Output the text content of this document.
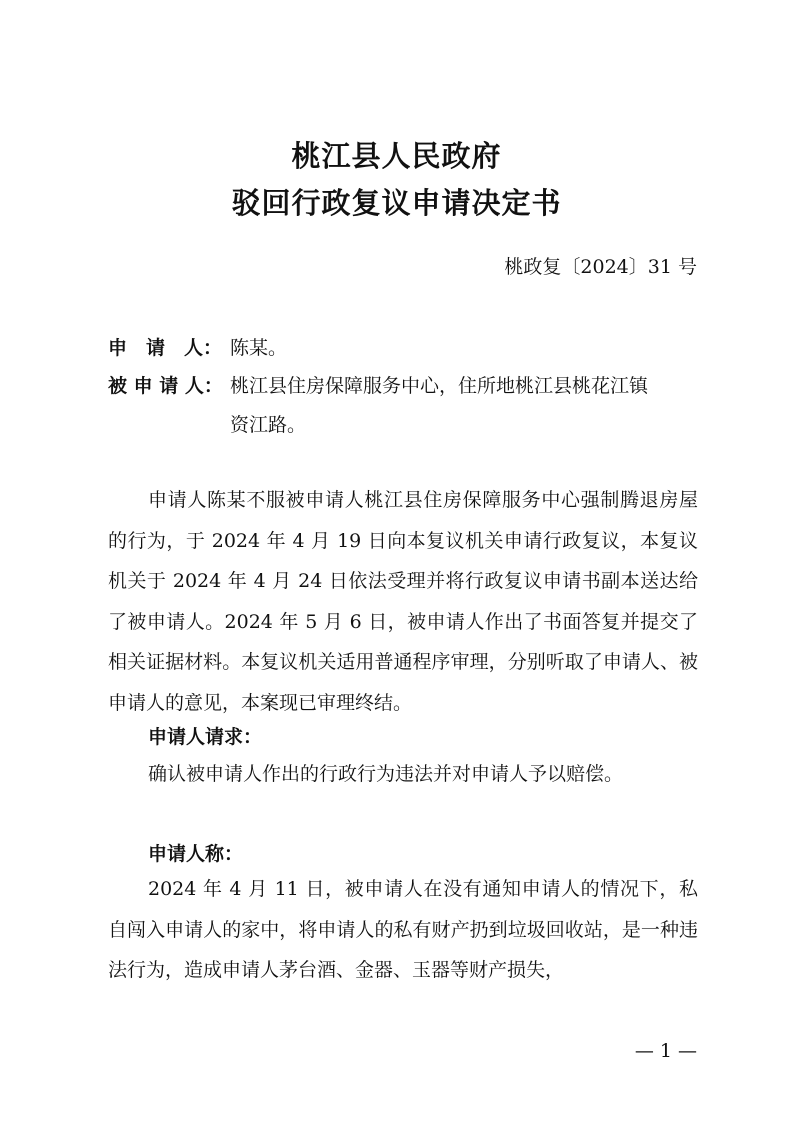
桃江县人民政府
驳回行政复议申请决定书
桃政复〔2024〕31 号
申　请　人： 陈某。
被 申 请 人： 桃江县住房保障服务中心，住所地桃江县桃花江镇
资江路。
申请人陈某不服被申请人桃江县住房保障服务中心强制腾退房屋的行为，于 2024 年 4 月 19 日向本复议机关申请行政复议，本复议机关于 2024 年 4 月 24 日依法受理并将行政复议申请书副本送达给了被申请人。2024 年 5 月 6 日，被申请人作出了书面答复并提交了相关证据材料。本复议机关适用普通程序审理，分别听取了申请人、被申请人的意见，本案现已审理终结。
申请人请求：
确认被申请人作出的行政行为违法并对申请人予以赔偿。
申请人称：
2024 年 4 月 11 日，被申请人在没有通知申请人的情况下，私自闯入申请人的家中，将申请人的私有财产扔到垃圾回收站，是一种违法行为，造成申请人茅台酒、金器、玉器等财产损失，
— 1 —
